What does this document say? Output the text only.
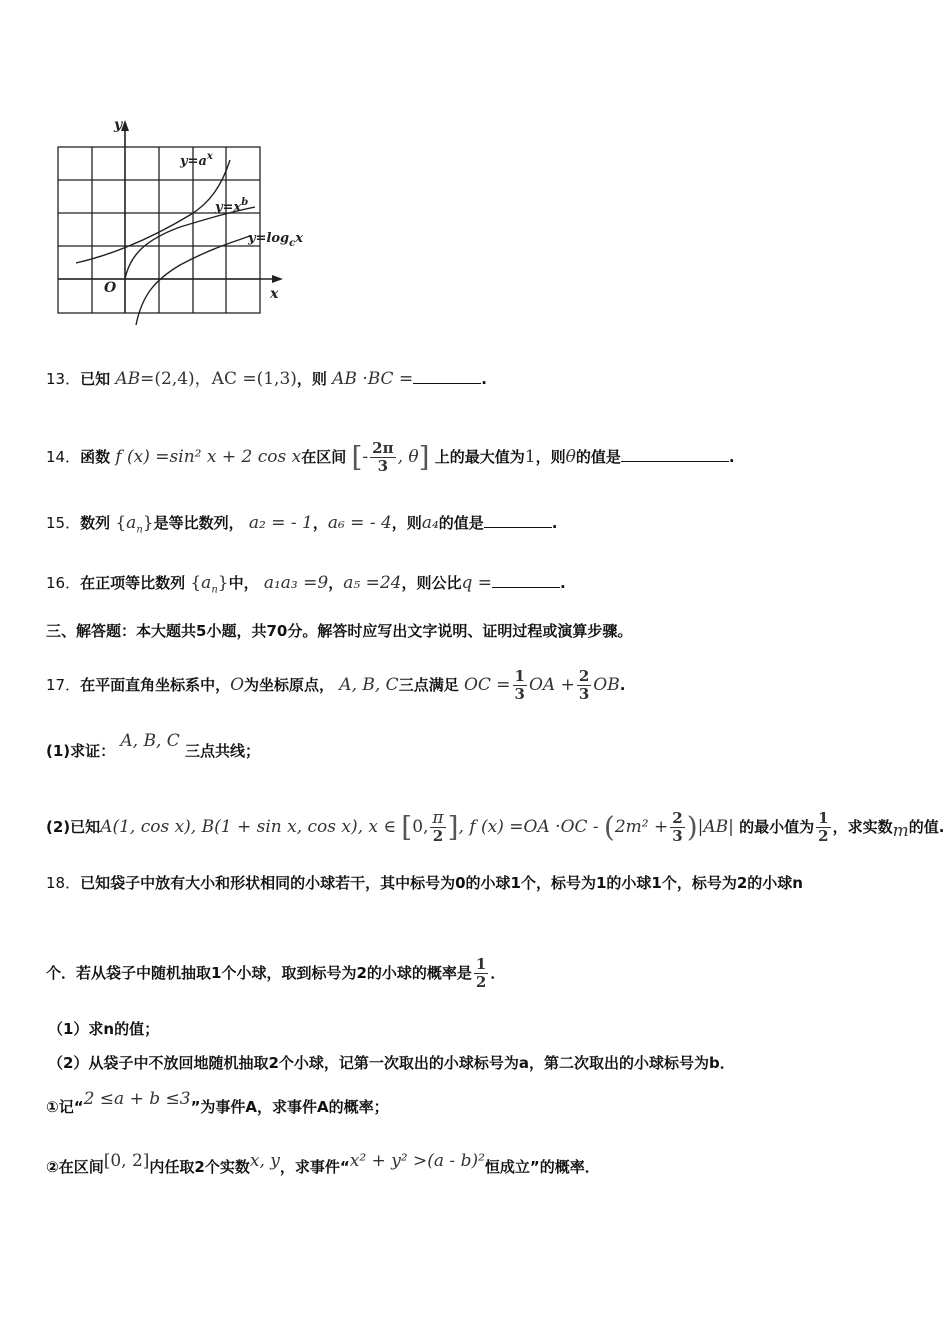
y
x
O
$y=a^x$
$y=x^b$
$y=\log_cx$
13．已知 AB=(2,4)，AC =(1,3)，则 AB ·BC =	.
14．函数 f (x) =sin² x + 2 cos x在区间 [- $\frac{2\pi}{3}$ , θ] 上的最大值为1，则θ的值是	.
15．数列 $\{a_n\}$是等比数列， a₂ = - 1，a₆ = - 4，则a₄的值是	.
16．在正项等比数列 $\{a_n\}$中， a₁a₃ =9，a₅ =24，则公比q =	.
三、解答题：本大题共5小题，共70分。解答时应写出文字说明、证明过程或演算步骤。
17．在平面直角坐标系中，O为坐标原点， A, B, C三点满足 OC = $\frac{1}{3}$ OA + $\frac{2}{3}$ OB.
(1)求证： A, B, C 三点共线；
(2)已知A(1, cos x), B(1 + sin x, cos x), x ∈ [0, $\frac{\pi}{2}$ ], f $(x) =OA \cdot OC - (2m^2 + \frac{2}{3} )|AB|$ 的最小值为 $\frac{1}{2}$ ，求实数m的值.
18．已知袋子中放有大小和形状相同的小球若干，其中标号为0的小球1个，标号为1的小球1个，标号为2的小球n
个．若从袋子中随机抽取1个小球，取到标号为2的小球的概率是 $\frac{1}{2}$ ．
（1）求n的值；
（2）从袋子中不放回地随机抽取2个小球，记第一次取出的小球标号为a，第二次取出的小球标号为b．
①记“2 ≤a + b ≤3”为事件A，求事件A的概率；
②在区间[0, 2]内任取2个实数x, y，求事件“x² + y² >(a - b)²恒成立”的概率．
